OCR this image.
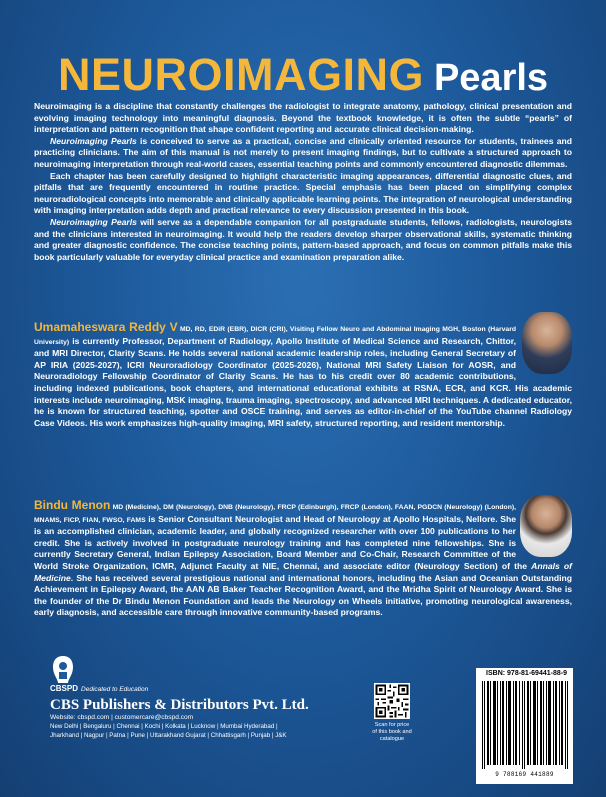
NEUROIMAGING Pearls

Neuroimaging is a discipline that constantly challenges the radiologist to integrate anatomy, pathology, clinical presentation and evolving imaging technology into meaningful diagnosis. Beyond the textbook knowledge, it is often the subtle “pearls” of interpretation and pattern recognition that shape confident reporting and accurate clinical decision-making.

Neuroimaging Pearls is conceived to serve as a practical, concise and clinically oriented resource for students, trainees and practicing clinicians. The aim of this manual is not merely to present imaging findings, but to cultivate a structured approach to neuroimaging interpretation through real-world cases, essential teaching points and commonly encountered diagnostic dilemmas.

Each chapter has been carefully designed to highlight characteristic imaging appearances, differential diagnostic clues, and pitfalls that are frequently encountered in routine practice. Special emphasis has been placed on simplifying complex neuroradiological concepts into memorable and clinically applicable learning points. The integration of neurological understanding with imaging interpretation adds depth and practical relevance to every discussion presented in this book.

Neuroimaging Pearls will serve as a dependable companion for all postgraduate students, fellows, radiologists, neurologists and the clinicians interested in neuroimaging. It would help the readers develop sharper observational skills, systematic thinking and greater diagnostic confidence. The concise teaching points, pattern-based approach, and focus on common pitfalls make this book particularly valuable for everyday clinical practice and examination preparation alike.

Umamaheswara Reddy V MD, RD, EDiR (EBR), DICR (CRI), Visiting Fellow Neuro and Abdominal Imaging MGH, Boston (Harvard University) is currently Professor, Department of Radiology, Apollo Institute of Medical Science and Research, Chittor, and MRI Director, Clarity Scans. He holds several national academic leadership roles, including General Secretary of AP IRIA (2025-2027), ICRI Neuroradiology Coordinator (2025-2026), National MRI Safety Liaison for AOSR, and Neuroradiology Fellowship Coordinator of Clarity Scans. He has to his credit over 80 academic contributions, including indexed publications, book chapters, and international educational exhibits at RSNA, ECR, and KCR. His academic interests include neuroimaging, MSK imaging, trauma imaging, spectroscopy, and advanced MRI techniques. A dedicated educator, he is known for structured teaching, spotter and OSCE training, and serves as editor-in-chief of the YouTube channel Radiology Case Videos. His work emphasizes high-quality imaging, MRI safety, structured reporting, and resident mentorship.
Bindu Menon MD (Medicine), DM (Neurology), DNB (Neurology), FRCP (Edinburgh), FRCP (London), FAAN, PGDCN (Neurology) (London), MNAMS, FICP, FIAN, FWSO, FAMS is Senior Consultant Neurologist and Head of Neurology at Apollo Hospitals, Nellore. She is an accomplished clinician, academic leader, and globally recognized researcher with over 100 publications to her credit. She is actively involved in postgraduate neurology training and has completed nine fellowships. She is currently Secretary General, Indian Epilepsy Association, Board Member and Co-Chair, Research Committee of the World Stroke Organization, ICMR, Adjunct Faculty at NIE, Chennai, and associate editor (Neurology Section) of the Annals of Medicine. She has received several prestigious national and international honors, including the Asian and Oceanian Outstanding Achievement in Epilepsy Award, the AAN AB Baker Teacher Recognition Award, and the Mridha Spirit of Neurology Award. She is the founder of the Dr Bindu Menon Foundation and leads the Neurology on Wheels initiative, promoting neurological awareness, early diagnosis, and accessible care through innovative community-based programs.
CBSPD Dedicated to Education
CBS Publishers & Distributors Pvt. Ltd.
Website: cbspd.com | customercare@cbspd.com
New Delhi | Bengaluru | Chennai | Kochi | Kolkata | Lucknow | Mumbai Hyderabad | Jharkhand | Nagpur | Patna | Pune | Uttarakhand Gujarat | Chhattisgarh | Punjab | J&K
Scan for price of this book and catalogue
ISBN: 978-81-69441-88-9
9 788169 441889
